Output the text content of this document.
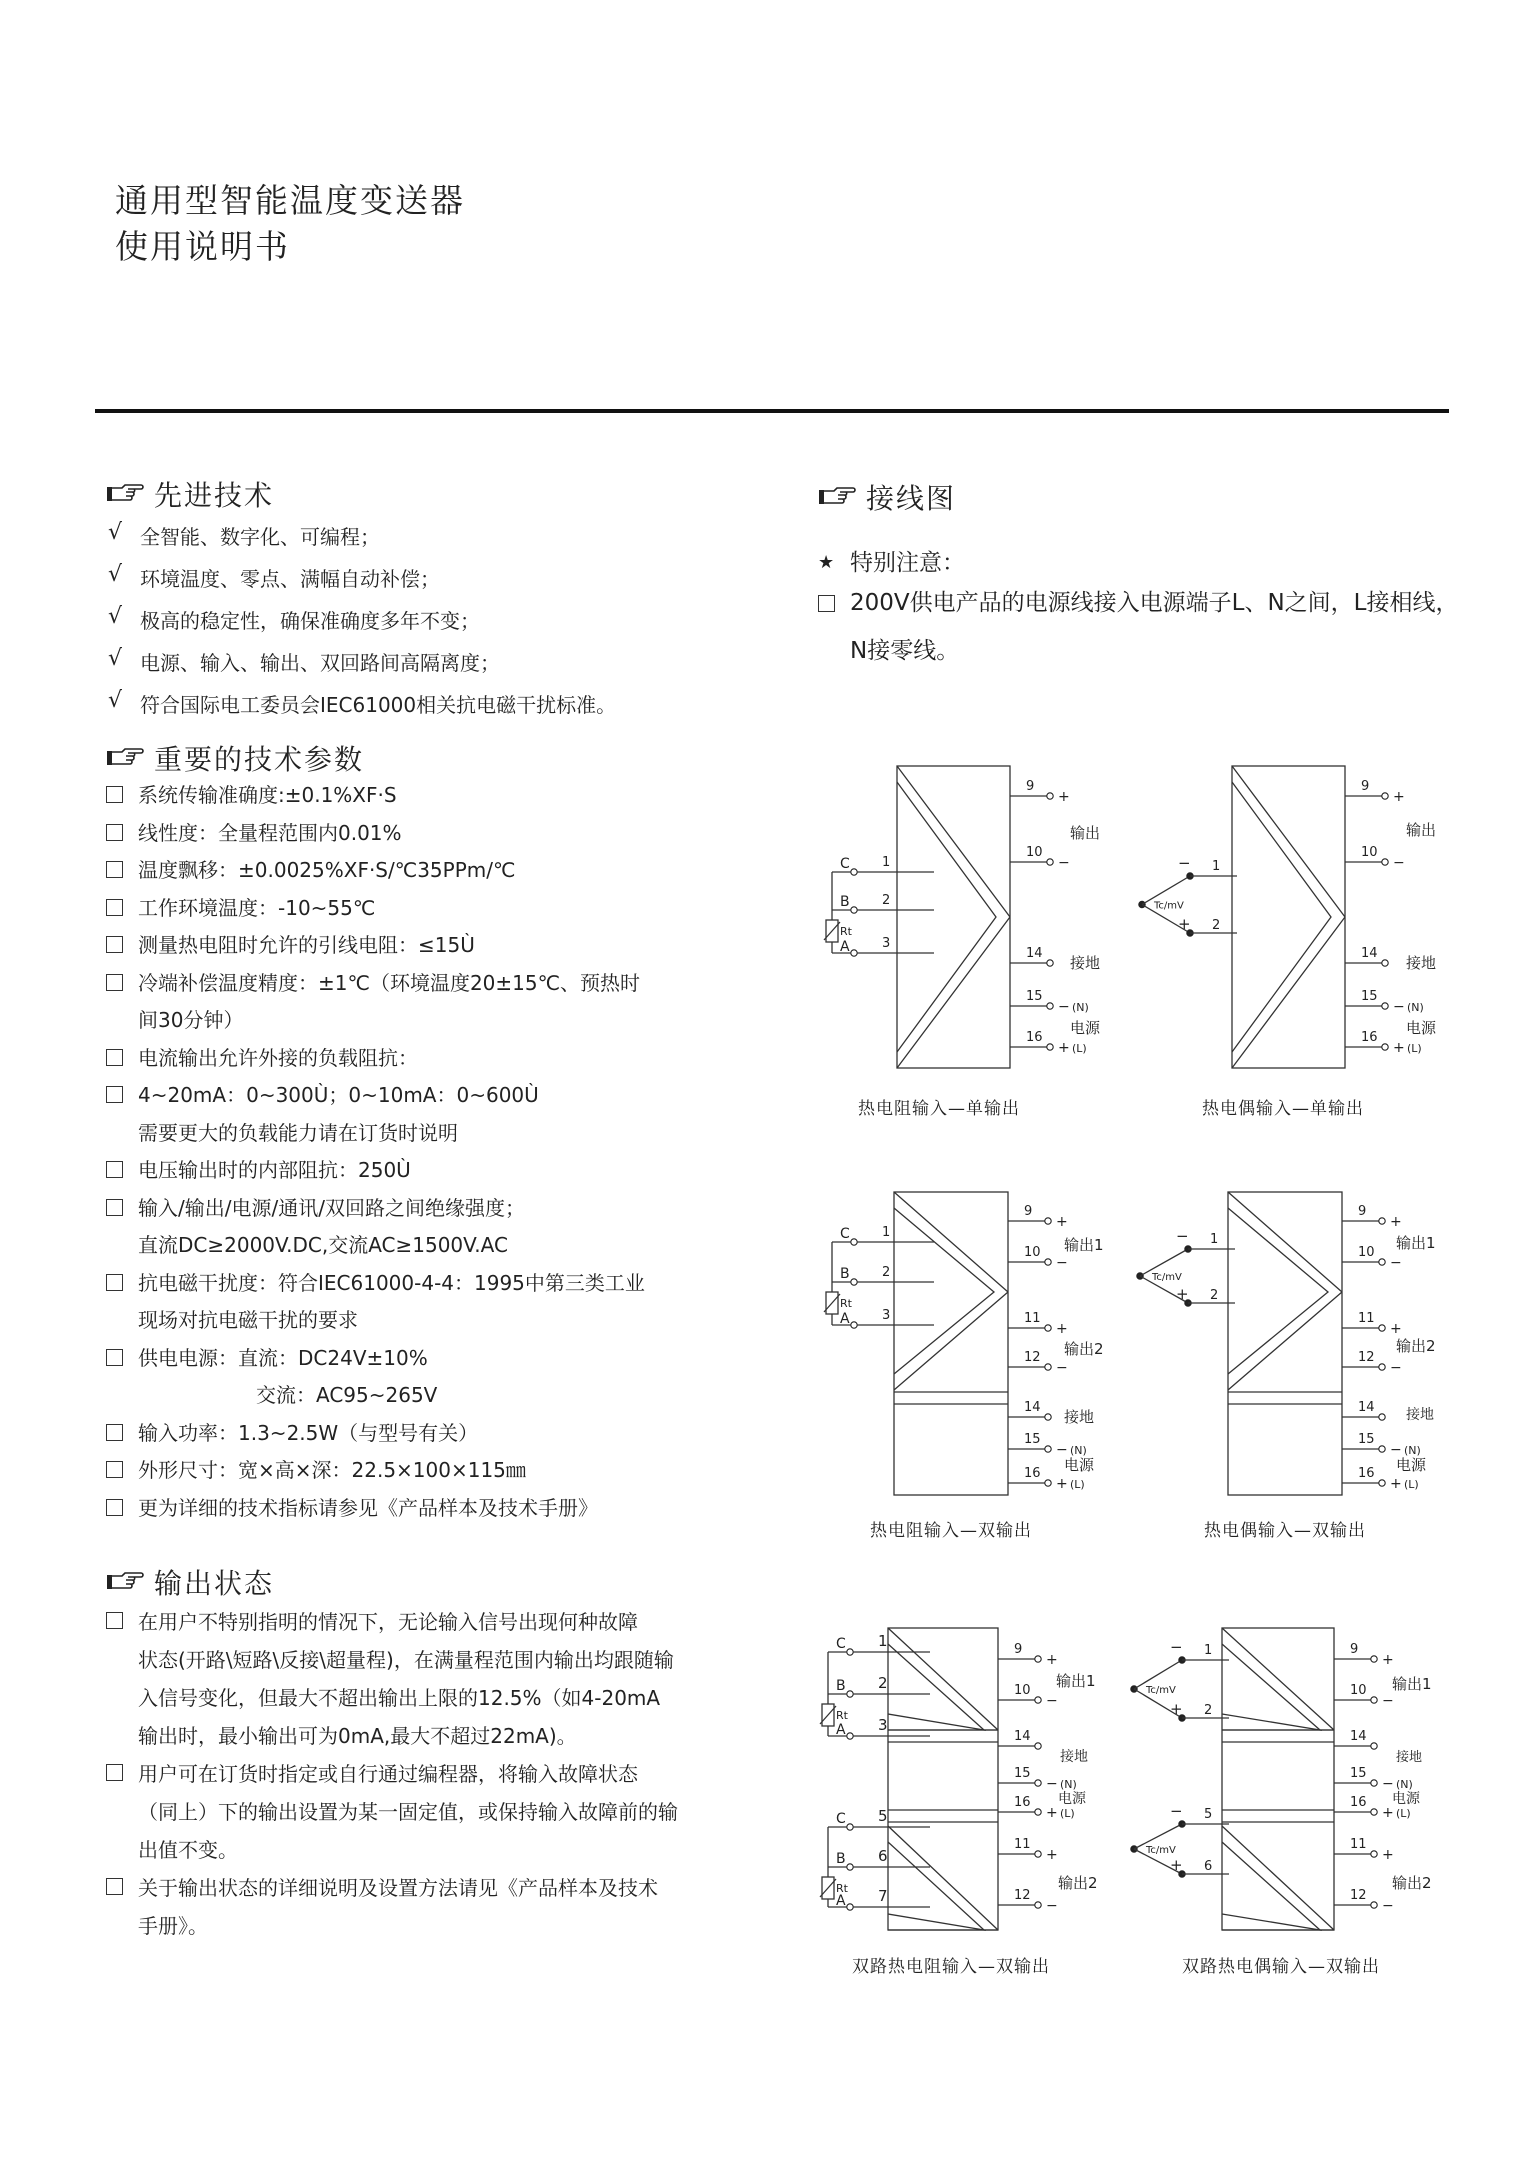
通用型智能温度变送器
使用说明书
先进技术
√ 全智能、数字化、可编程；
√ 环境温度、零点、满幅自动补偿；
√ 极高的稳定性，确保准确度多年不变；
√ 电源、输入、输出、双回路间高隔离度；
√ 符合国际电工委员会IEC61000相关抗电磁干扰标准。
重要的技术参数
系统传输准确度:±0.1%XF·S
线性度：全量程范围内0.01%
温度飘移：±0.0025%XF·S/℃35PPm/℃
工作环境温度：-10~55℃
测量热电阻时允许的引线电阻：≤15Ù
冷端补偿温度精度：±1℃（环境温度20±15℃、预热时
间30分钟）
电流输出允许外接的负载阻抗：
4~20mA：0~300Ù；0~10mA：0~600Ù
需要更大的负载能力请在订货时说明
电压输出时的内部阻抗：250Ù
输入/输出/电源/通讯/双回路之间绝缘强度；
直流DC≥2000V.DC,交流AC≥1500V.AC
抗电磁干扰度：符合IEC61000-4-4：1995中第三类工业
现场对抗电磁干扰的要求
供电电源：直流：DC24V±10%
交流：AC95~265V
输入功率：1.3~2.5W（与型号有关）
外形尺寸：宽×高×深：22.5×100×115㎜
更为详细的技术指标请参见《产品样本及技术手册》
输出状态
在用户不特别指明的情况下，无论输入信号出现何种故障
状态(开路\短路\反接\超量程)，在满量程范围内输出均跟随输
入信号变化，但最大不超出输出上限的12.5%（如4-20mA
输出时，最小输出可为0mA,最大不超过22mA)。
用户可在订货时指定或自行通过编程器，将输入故障状态
（同上）下的输出设置为某一固定值，或保持输入故障前的输
出值不变。
关于输出状态的详细说明及设置方法请见《产品样本及技术
手册》。
接线图
★ 特别注意：
200V供电产品的电源线接入电源端子L、N之间，L接相线，
N接零线。
C
B
A
1
2
3
Rt
9
+
10
−
14
15
− (N)
16
+ (L)
输出
接地
电源
Tc/mV
−
+
1
2
9
+
10
−
14
15
− (N)
16
+ (L)
输出
接地
电源
C
B
A
1
2
3
Rt
9
+
10
−
11
+
12
−
14
15
− (N)
16
+ (L)
输出1
输出2
接地
电源
Tc/mV
−
+
1
2
9
+
10
−
11
+
12
−
14
15
− (N)
16
+ (L)
输出1
输出2
接地
电源
C
B
A
1
2
3
Rt
C
B
A
5
6
7
Rt
9
+
10
−
14
15
− (N)
16
+ (L)
11
+
12
−
输出1
接地
电源
输出2
Tc/mV
−
+
1
2
Tc/mV
−
+
5
6
9
+
10
−
14
15
− (N)
16
+ (L)
11
+
12
−
输出1
接地
电源
输出2
热电阻输入—单输出	热电偶输入—单输出
热电阻输入—双输出	热电偶输入—双输出
双路热电阻输入—双输出	双路热电偶输入—双输出
